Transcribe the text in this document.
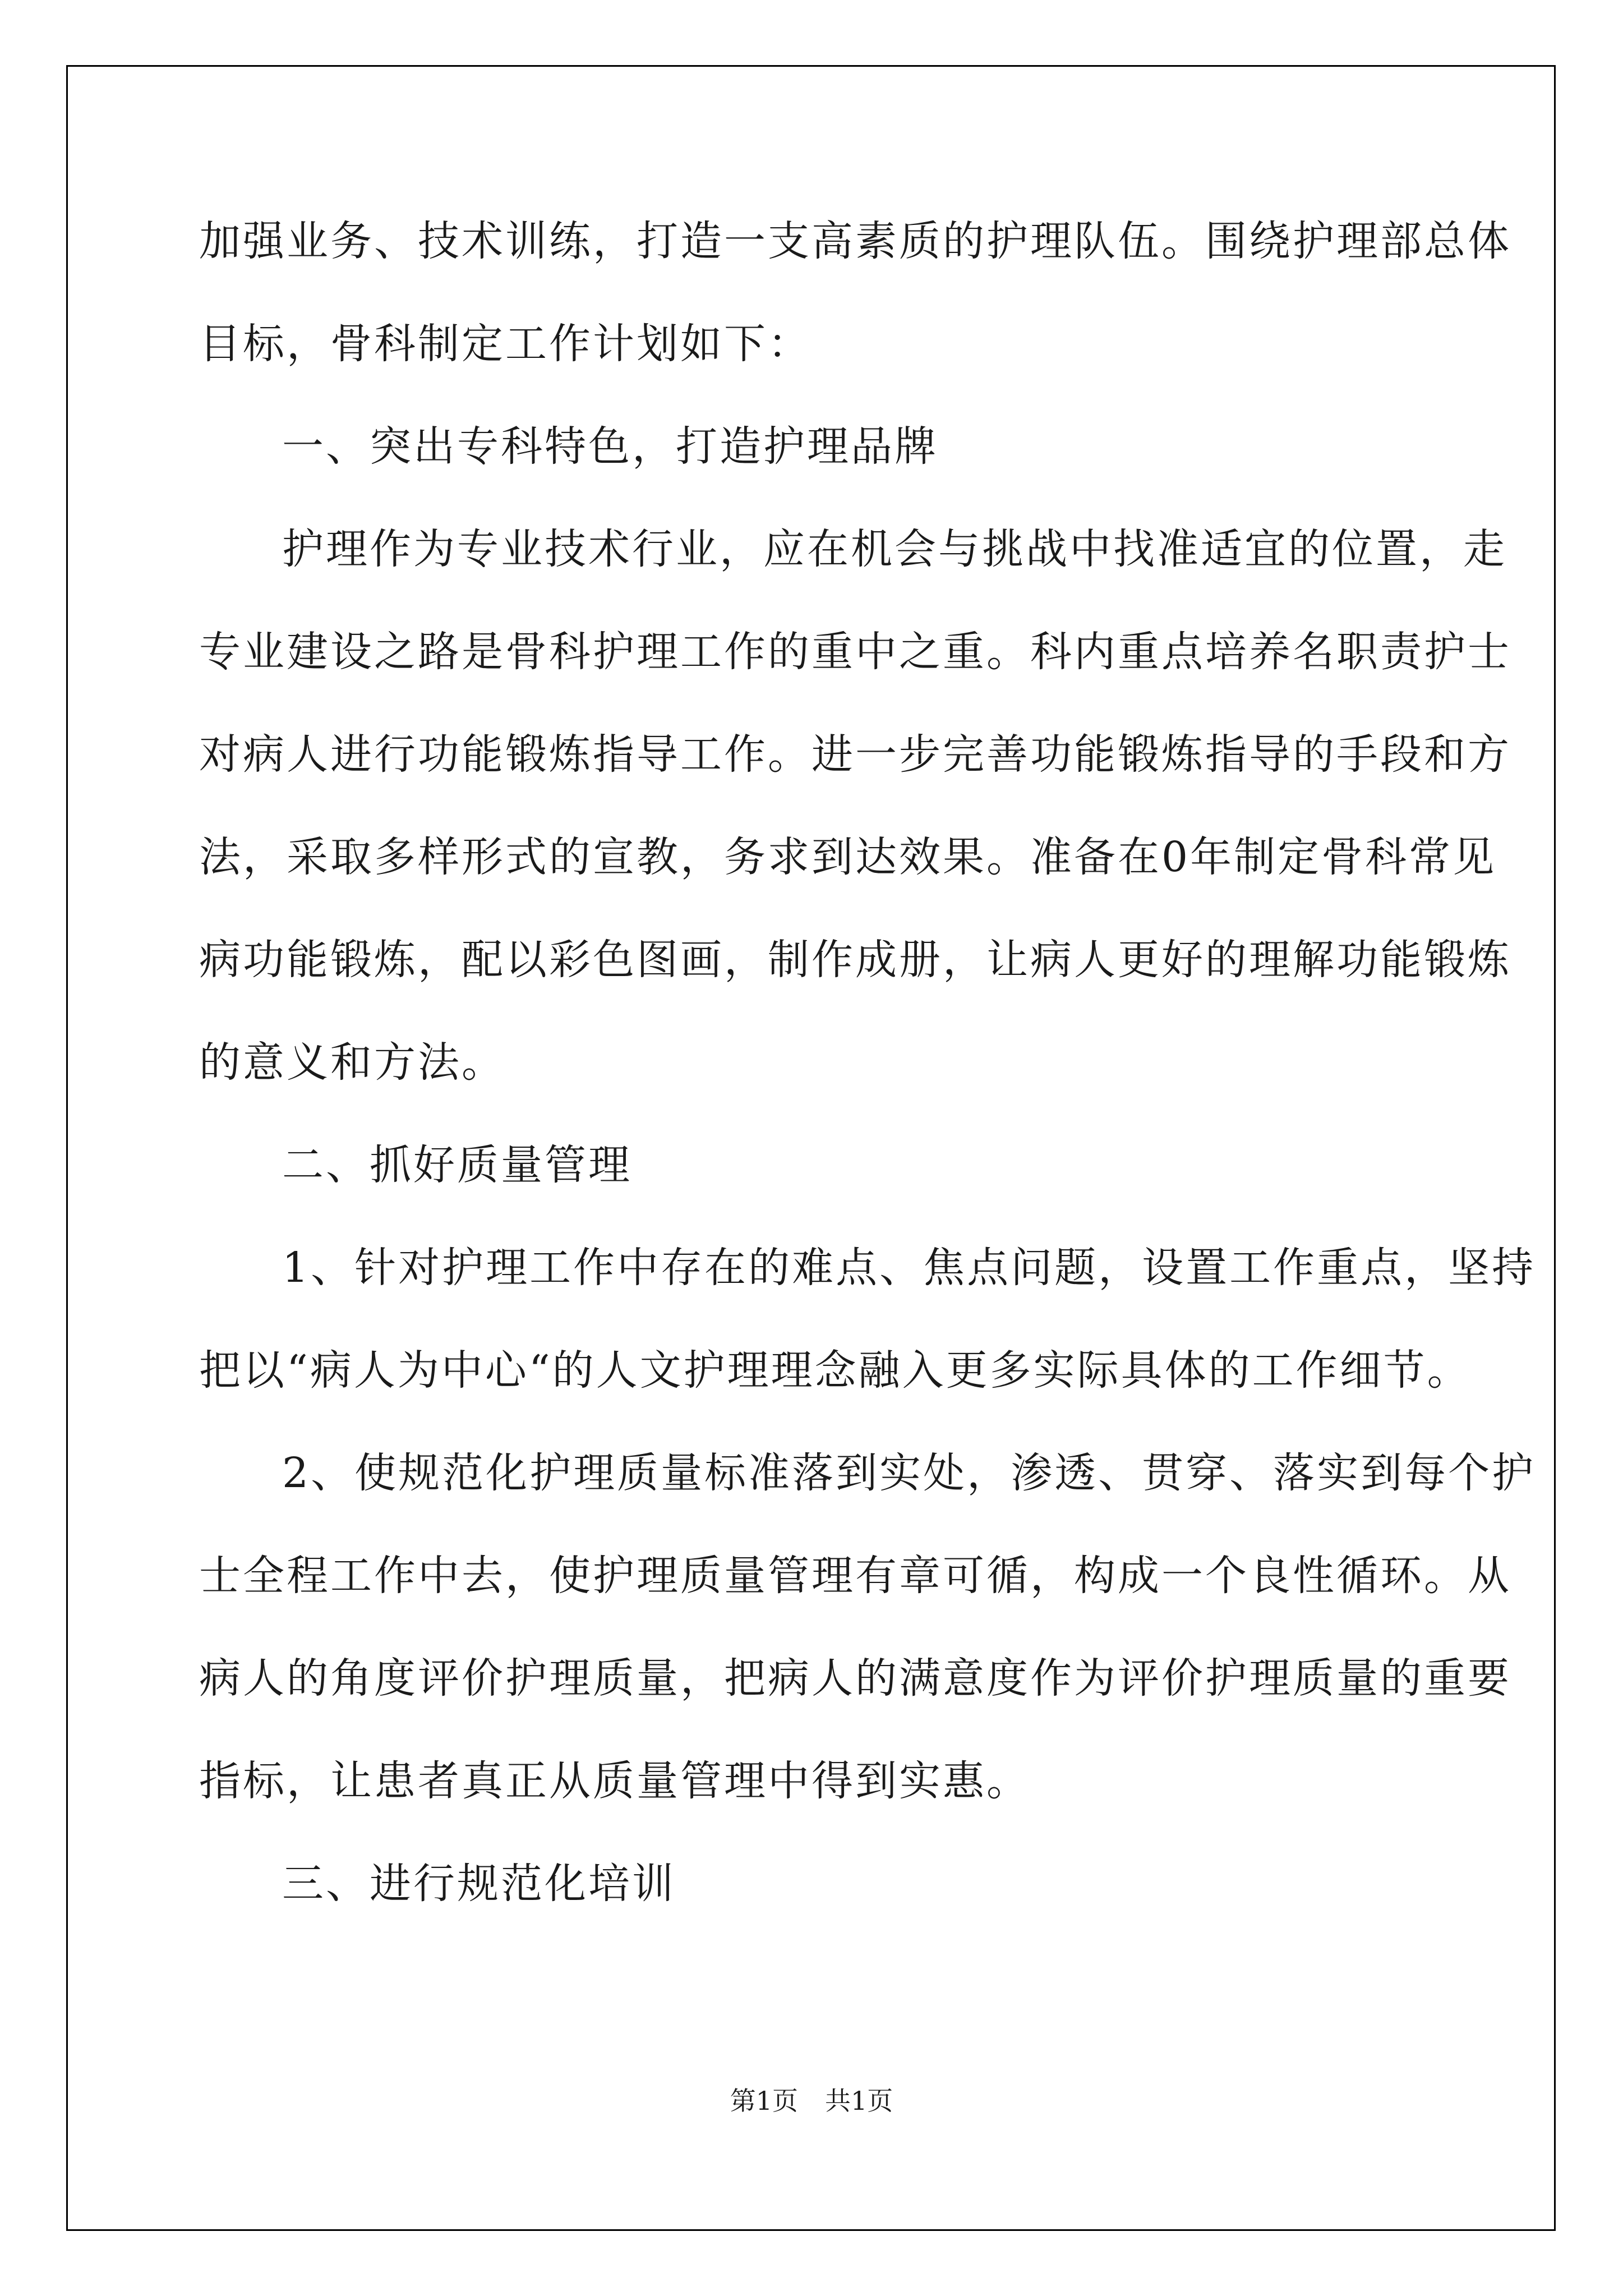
加强业务、技术训练，打造一支高素质的护理队伍。围绕护理部总体
目标，骨科制定工作计划如下：
一、突出专科特色，打造护理品牌
护理作为专业技术行业，应在机会与挑战中找准适宜的位置，走
专业建设之路是骨科护理工作的重中之重。科内重点培养名职责护士
对病人进行功能锻炼指导工作。进一步完善功能锻炼指导的手段和方
法，采取多样形式的宣教，务求到达效果。准备在0年制定骨科常见
病功能锻炼，配以彩色图画，制作成册，让病人更好的理解功能锻炼
的意义和方法。
二、抓好质量管理
1、针对护理工作中存在的难点、焦点问题，设置工作重点，坚持
把以“病人为中心“的人文护理理念融入更多实际具体的工作细节。
2、使规范化护理质量标准落到实处，渗透、贯穿、落实到每个护
士全程工作中去，使护理质量管理有章可循，构成一个良性循环。从
病人的角度评价护理质量，把病人的满意度作为评价护理质量的重要
指标，让患者真正从质量管理中得到实惠。
三、进行规范化培训
第1页 共1页
